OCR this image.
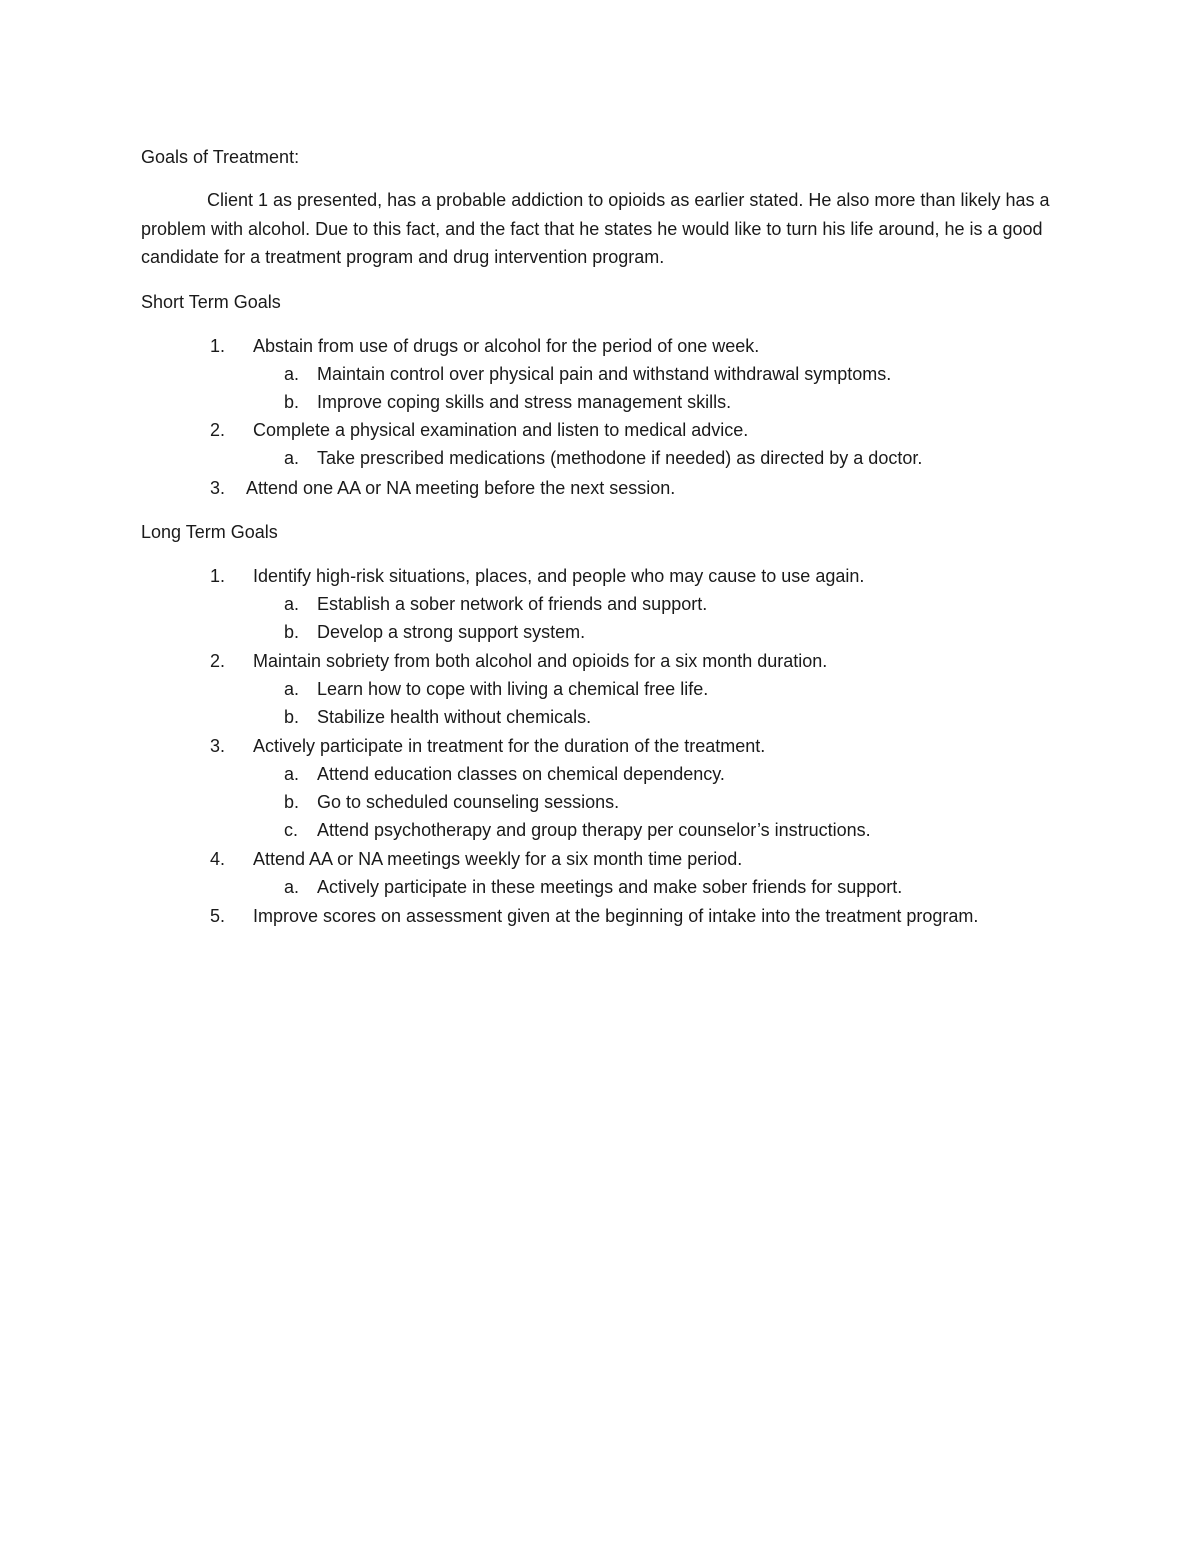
Goals of Treatment:

Client 1 as presented, has a probable addiction to opioids as earlier stated. He also more than likely has a problem with alcohol. Due to this fact, and the fact that he states he would like to turn his life around, he is a good candidate for a treatment program and drug intervention program.

Short Term Goals

1. Abstain from use of drugs or alcohol for the period of one week.
a. Maintain control over physical pain and withstand withdrawal symptoms.
b. Improve coping skills and stress management skills.
2. Complete a physical examination and listen to medical advice.
a. Take prescribed medications (methodone if needed) as directed by a doctor.
3. Attend one AA or NA meeting before the next session.

Long Term Goals

1. Identify high-risk situations, places, and people who may cause to use again.
a. Establish a sober network of friends and support.
b. Develop a strong support system.
2. Maintain sobriety from both alcohol and opioids for a six month duration.
a. Learn how to cope with living a chemical free life.
b. Stabilize health without chemicals.
3. Actively participate in treatment for the duration of the treatment.
a. Attend education classes on chemical dependency.
b. Go to scheduled counseling sessions.
c. Attend psychotherapy and group therapy per counselor’s instructions.
4. Attend AA or NA meetings weekly for a six month time period.
a. Actively participate in these meetings and make sober friends for support.
5. Improve scores on assessment given at the beginning of intake into the treatment program.
